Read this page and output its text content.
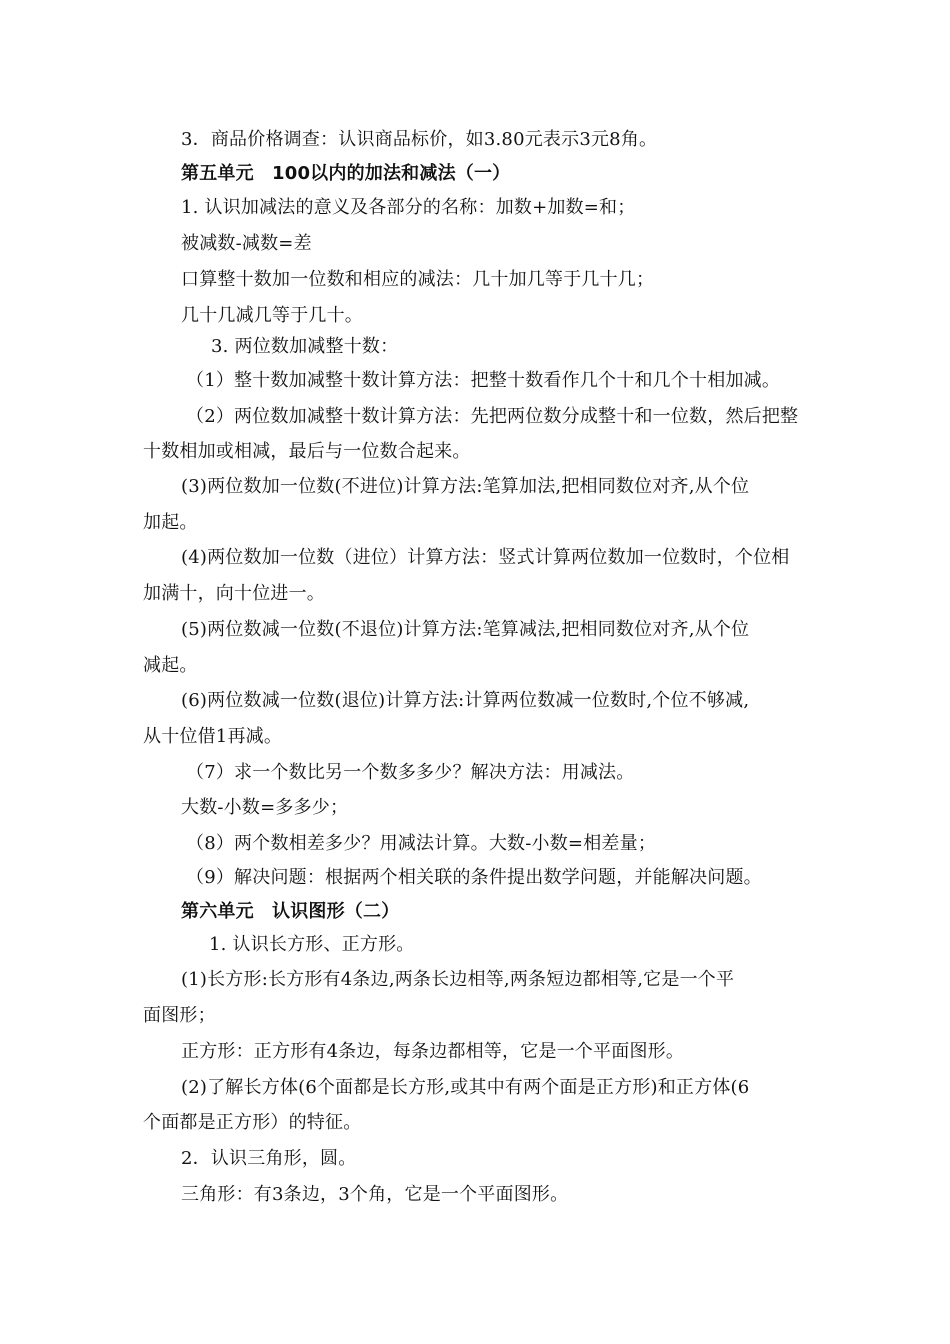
3．商品价格调查：认识商品标价，如3.80元表示3元8角。
第五单元　100以内的加法和减法（一）
1. 认识加减法的意义及各部分的名称：加数+加数=和；
被减数-减数=差
口算整十数加一位数和相应的减法：几十加几等于几十几；
几十几减几等于几十。
3. 两位数加减整十数：
（1）整十数加减整十数计算方法：把整十数看作几个十和几个十相加减。
（2）两位数加减整十数计算方法：先把两位数分成整十和一位数，然后把整
十数相加或相减，最后与一位数合起来。
(3)两位数加一位数(不进位)计算方法:笔算加法,把相同数位对齐,从个位
加起。
(4)两位数加一位数（进位）计算方法：竖式计算两位数加一位数时，个位相
加满十，向十位进一。
(5)两位数减一位数(不退位)计算方法:笔算减法,把相同数位对齐,从个位
减起。
(6)两位数减一位数(退位)计算方法:计算两位数减一位数时,个位不够减,
从十位借1再减。
（7）求一个数比另一个数多多少？解决方法：用减法。
大数-小数=多多少；
（8）两个数相差多少？用减法计算。大数-小数=相差量；
（9）解决问题：根据两个相关联的条件提出数学问题，并能解决问题。
第六单元　认识图形（二）
1. 认识长方形、正方形。
(1)长方形:长方形有4条边,两条长边相等,两条短边都相等,它是一个平
面图形；
正方形：正方形有4条边，每条边都相等，它是一个平面图形。
(2)了解长方体(6个面都是长方形,或其中有两个面是正方形)和正方体(6
个面都是正方形）的特征。
2．认识三角形，圆。
三角形：有3条边，3个角，它是一个平面图形。
